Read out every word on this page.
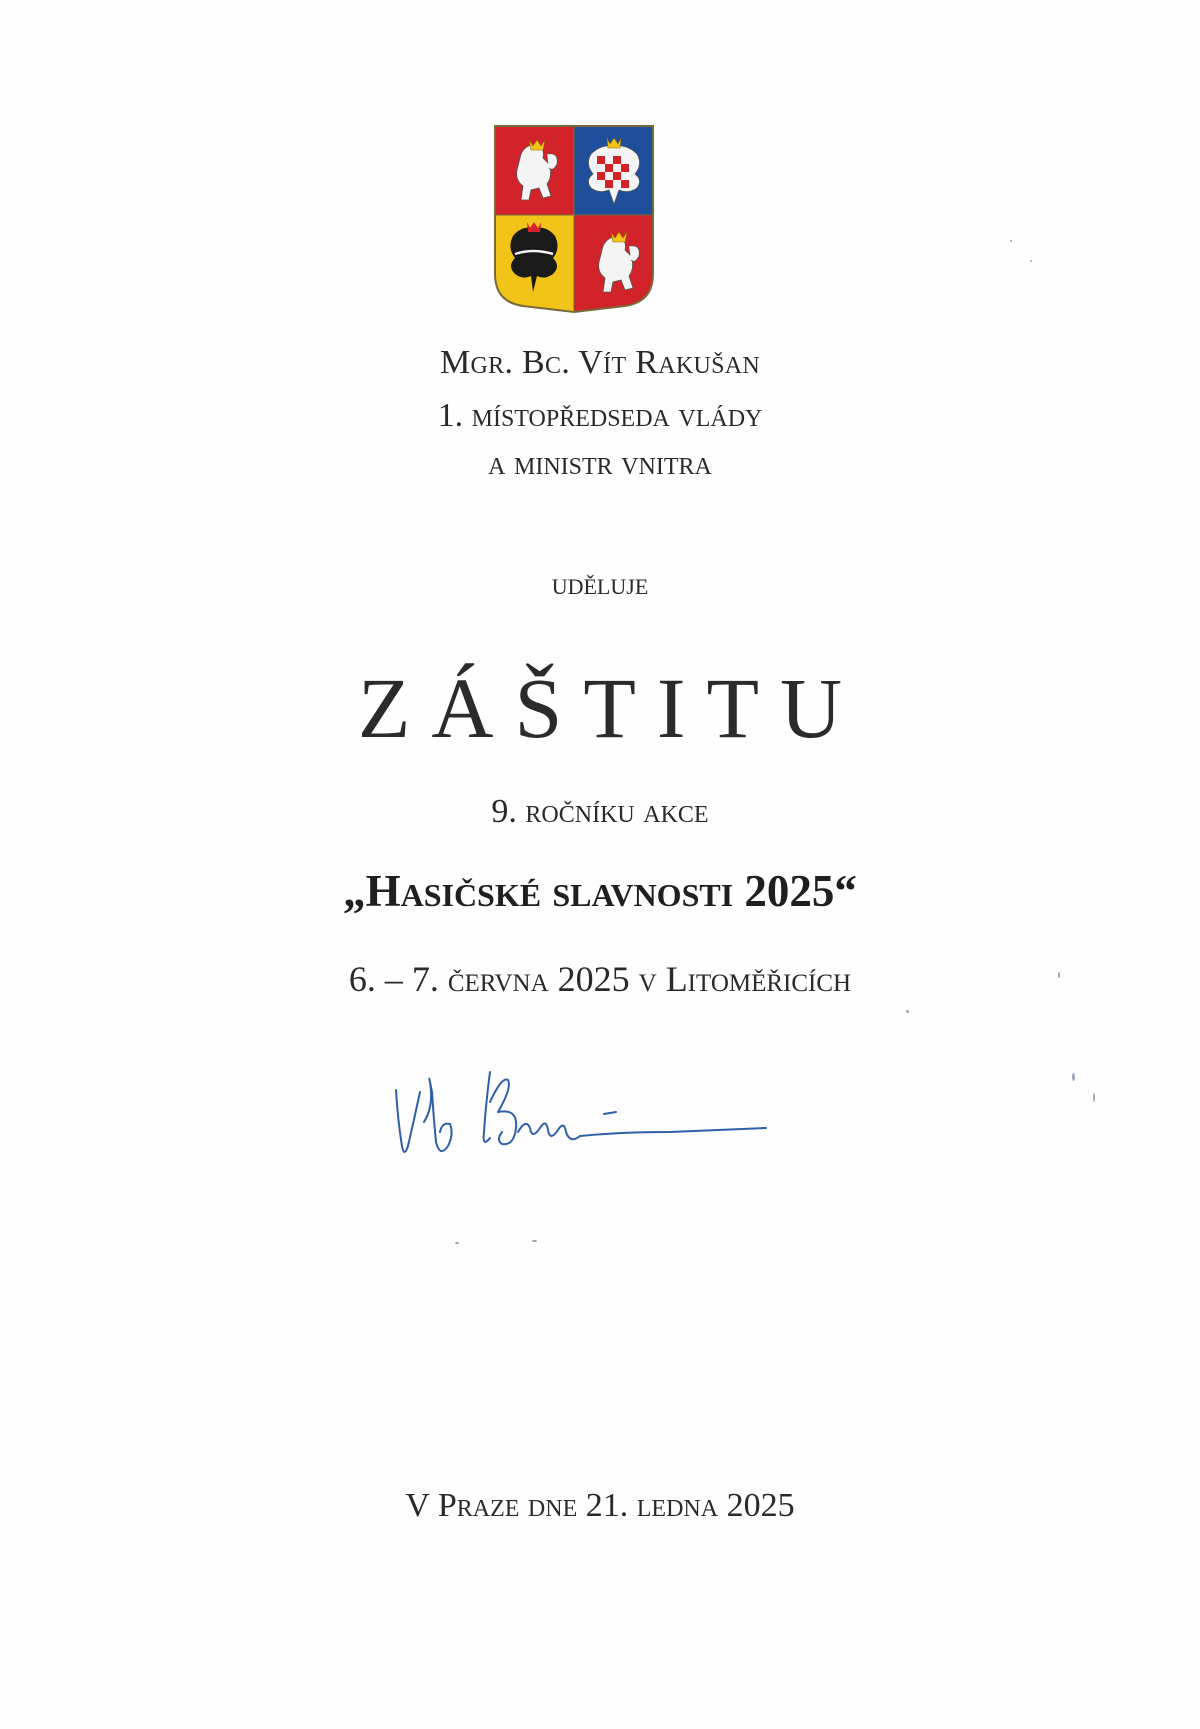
Mgr. Bc. Vít Rakušan
1. místopředseda vlády
a ministr vnitra
uděluje
ZÁŠTITU
9. ročníku akce
„Hasičské slavnosti 2025“
6. – 7. června 2025 v Litoměřicích
V Praze dne 21. ledna 2025
